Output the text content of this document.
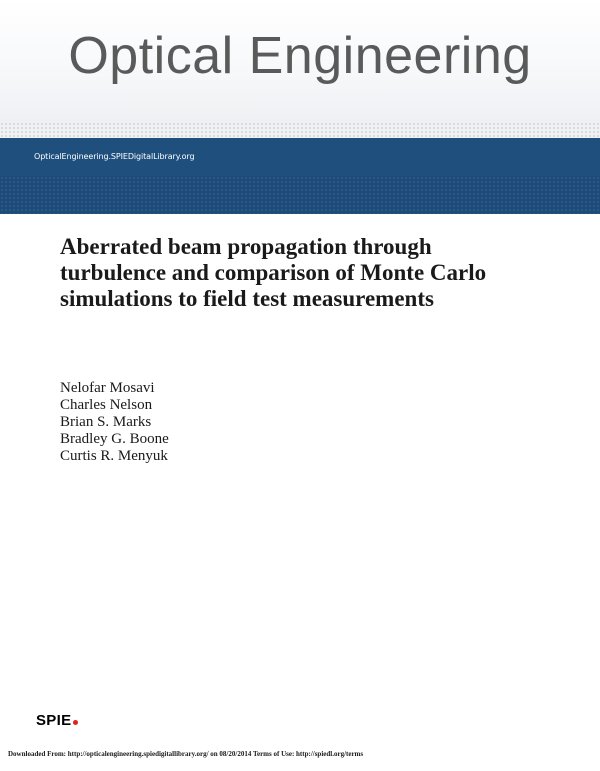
Optical Engineering
OpticalEngineering.SPIEDigitalLibrary.org
Aberrated beam propagation through turbulence and comparison of Monte Carlo simulations to field test measurements
Nelofar Mosavi
Charles Nelson
Brian S. Marks
Bradley G. Boone
Curtis R. Menyuk
SPIE
Downloaded From: http://opticalengineering.spiedigitallibrary.org/ on 08/20/2014 Terms of Use: http://spiedl.org/terms
